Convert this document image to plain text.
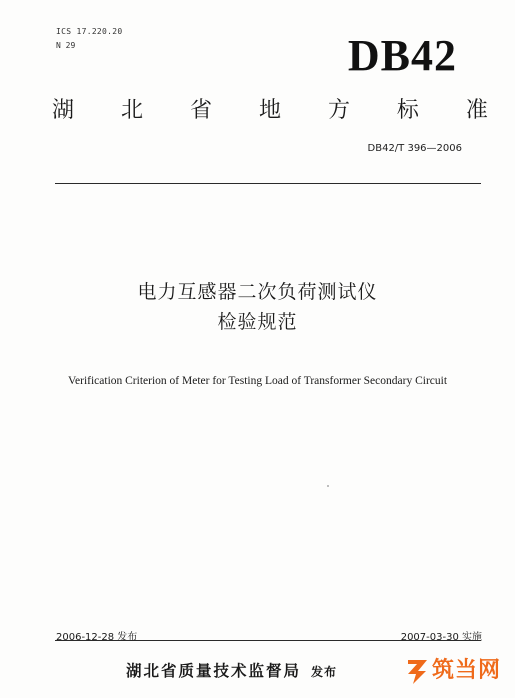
ICS 17.220.20
N 29	DB42
湖 北 省 地 方 标 准
DB42/T 396—2006
电力互感器二次负荷测试仪
检验规范
Verification Criterion of Meter for Testing Load of Transformer Secondary Circuit
2006-12-28 发布	2007-03-30 实施
湖北省质量技术监督局 发布	筑当网
